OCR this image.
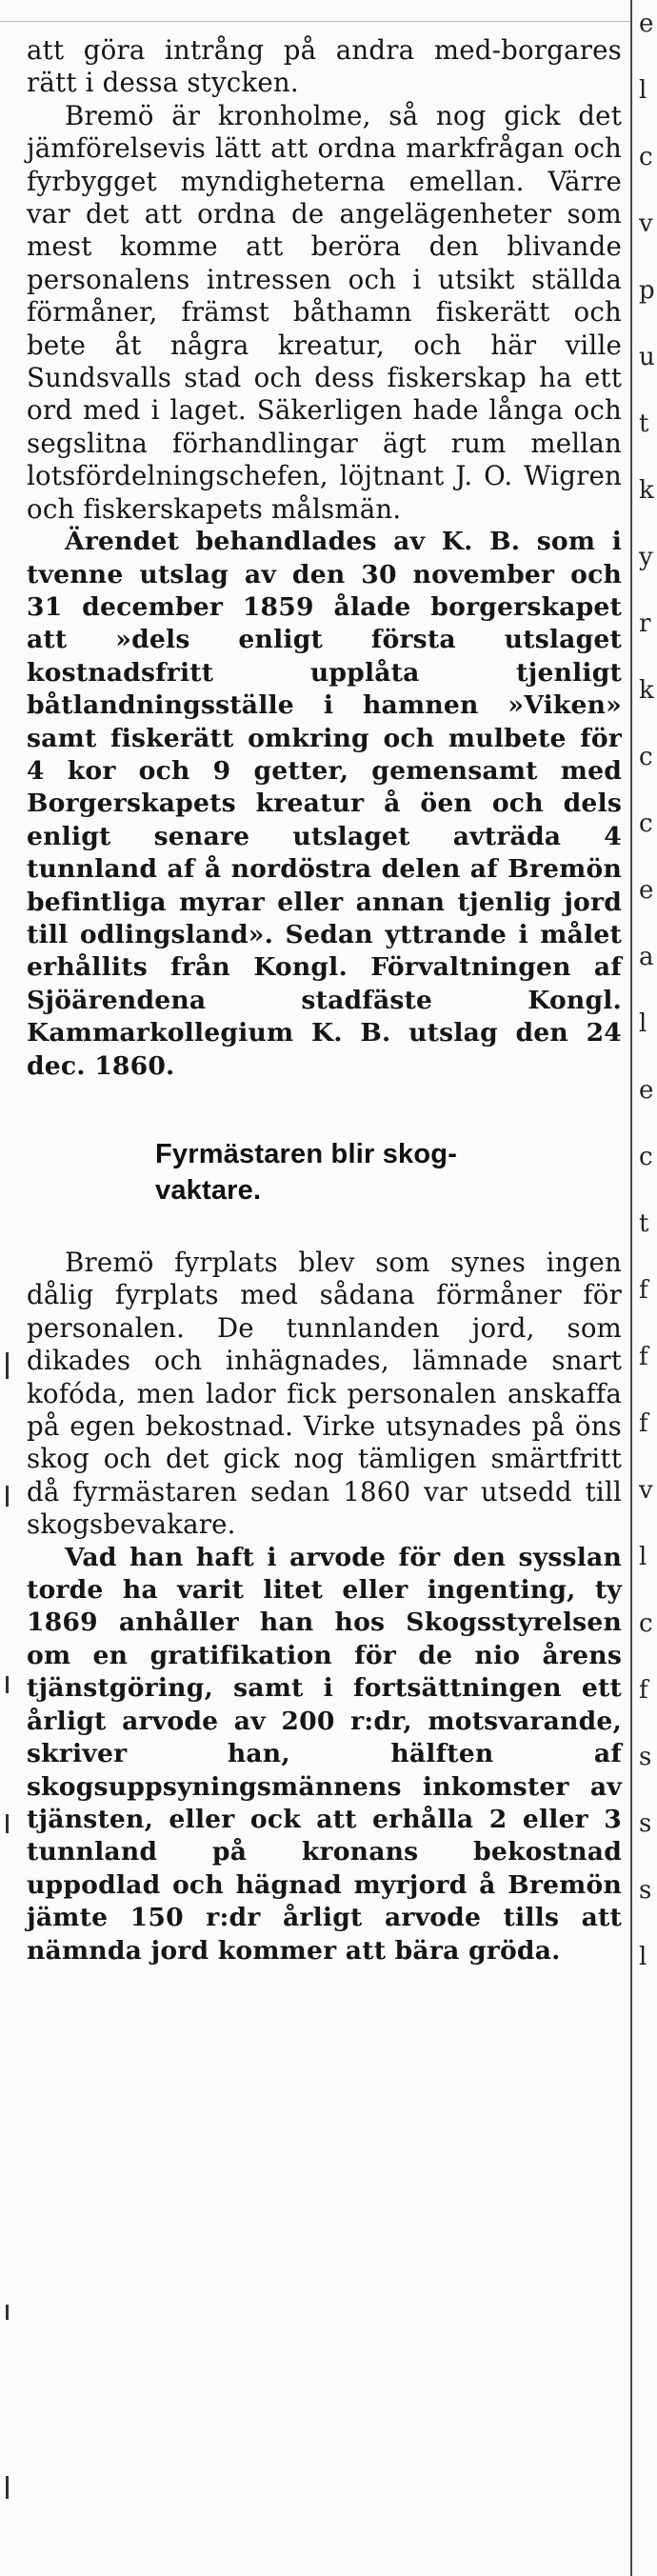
att göra intrång på andra med-borgares rätt i dessa stycken.

Bremö är kronholme, så nog gick det jämförelsevis lätt att ordna markfrågan och fyrbygget myndigheterna emellan. Värre var det att ordna de angelägenheter som mest komme att beröra den blivande personalens intressen och i utsikt ställda förmåner, främst båthamn fiskerätt och bete åt några kreatur, och här ville Sundsvalls stad och dess fiskerskap ha ett ord med i laget. Säkerligen hade långa och segslitna förhandlingar ägt rum mellan lotsfördelningschefen, löjtnant J. O. Wigren och fiskerskapets målsmän.

Ärendet behandlades av K. B. som i tvenne utslag av den 30 november och 31 december 1859 ålade borgerskapet att »dels enligt första utslaget kostnadsfritt upplåta tjenligt båtlandningsställe i hamnen »Viken» samt fiskerätt omkring och mulbete för 4 kor och 9 getter, gemensamt med Borgerskapets kreatur å öen och dels enligt senare utslaget avträda 4 tunnland af å nordöstra delen af Bremön befintliga myrar eller annan tjenlig jord till odlingsland». Sedan yttrande i målet erhållits från Kongl. Förvaltningen af Sjöärendena stadfäste Kongl. Kammarkollegium K. B. utslag den 24 dec. 1860.

Fyrmästaren blir skog-
vaktare.

Bremö fyrplats blev som synes ingen dålig fyrplats med sådana förmåner för personalen. De tunnlanden jord, som dikades och inhägnades, lämnade snart kofóda, men lador fick personalen anskaffa på egen bekostnad. Virke utsynades på öns skog och det gick nog tämligen smärtfritt då fyrmästaren sedan 1860 var utsedd till skogsbevakare.

Vad han haft i arvode för den sysslan torde ha varit litet eller ingenting, ty 1869 anhåller han hos Skogsstyrelsen om en gratifikation för de nio årens tjänstgöring, samt i fortsättningen ett årligt arvode av 200 r:dr, motsvarande, skriver han, hälften af skogsuppsyningsmännens inkomster av tjänsten, eller ock att erhålla 2 eller 3 tunnland på kronans bekostnad uppodlad och hägnad myrjord å Bremön jämte 150 r:dr årligt arvode tills att nämnda jord kommer att bära gröda.

e
l
c
v
p
u
t
k
y
r
k
c
c
e
a
l
e
c
t
f
f
f
v
l
c
f
s
s
s
l
